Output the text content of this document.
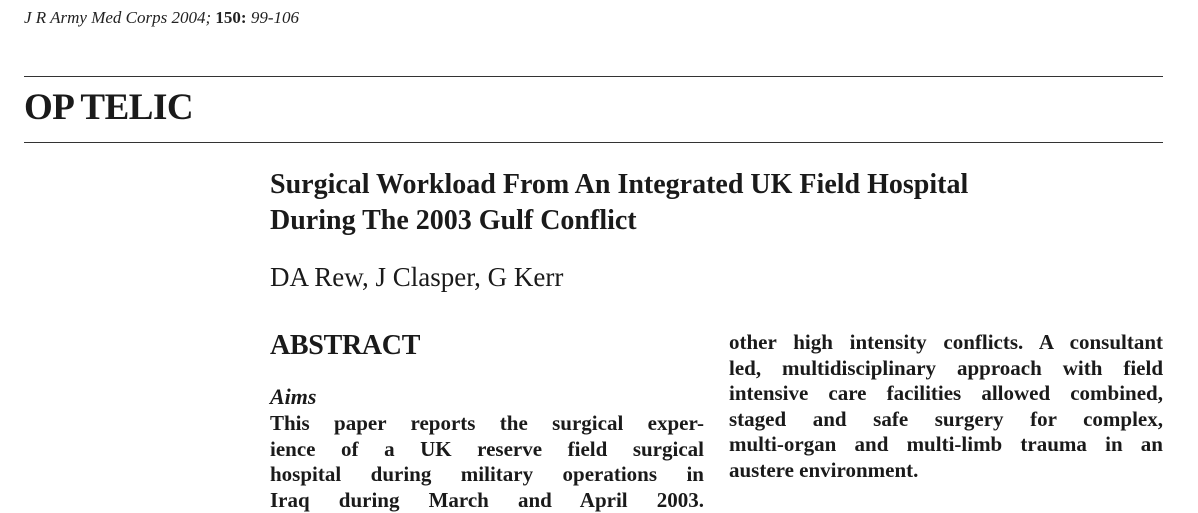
J R Army Med Corps 2004; 150: 99-106
OP TELIC
Surgical Workload From An Integrated UK Field Hospital
During The 2003 Gulf Conflict
DA Rew, J Clasper, G Kerr
ABSTRACT
Aims
This paper reports the surgical exper-
ience of a UK reserve field surgical
hospital during military operations in
Iraq during March and April 2003.
other high intensity conflicts. A consultant
led, multidisciplinary approach with field
intensive care facilities allowed combined,
staged and safe surgery for complex,
multi-organ and multi-limb trauma in an
austere environment.
